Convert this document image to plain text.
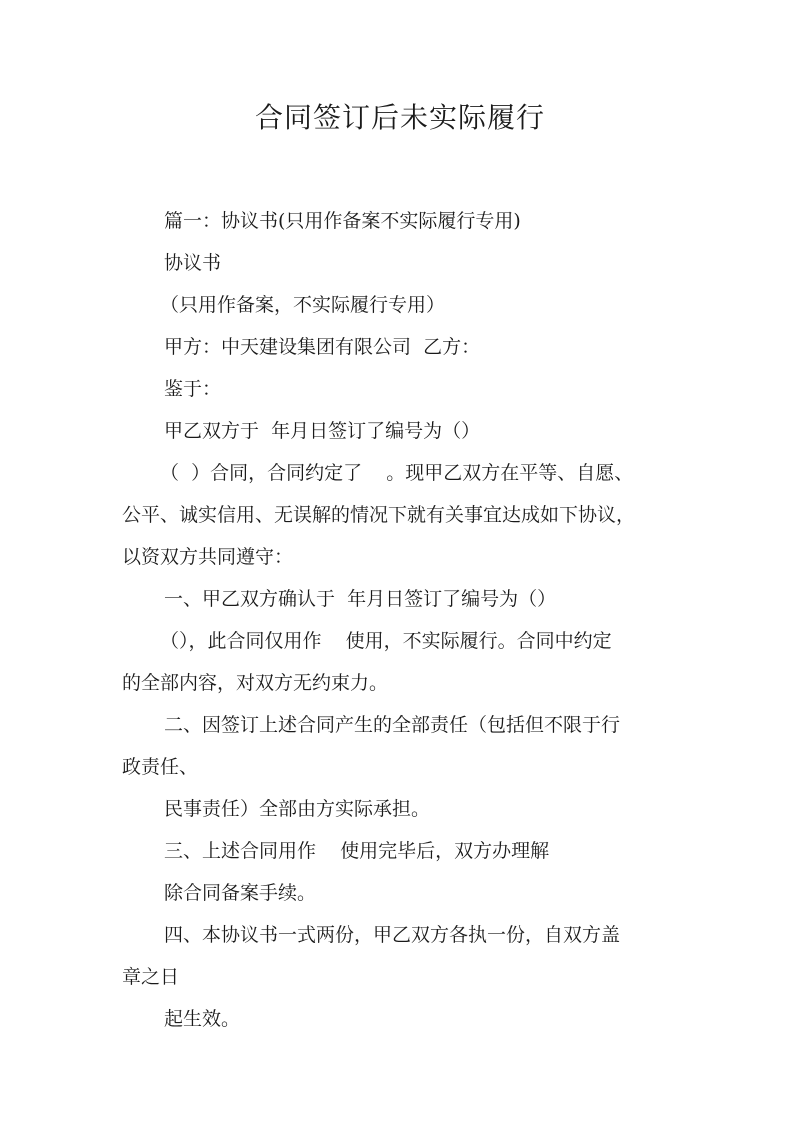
合同签订后未实际履行

篇一：协议书(只用作备案不实际履行专用)

协议书

（只用作备案，不实际履行专用）

甲方：中天建设集团有限公司  乙方：

鉴于：

甲乙双方于  年月日签订了编号为（）

（  ）合同，合同约定了    。现甲乙双方在平等、自愿、

公平、诚实信用、无误解的情况下就有关事宜达成如下协议，

以资双方共同遵守：

一、甲乙双方确认于  年月日签订了编号为（）

（），此合同仅用作    使用，不实际履行。合同中约定

的全部内容，对双方无约束力。

二、因签订上述合同产生的全部责任（包括但不限于行

政责任、

民事责任）全部由方实际承担。

三、上述合同用作    使用完毕后，双方办理解

除合同备案手续。

四、本协议书一式两份，甲乙双方各执一份，自双方盖

章之日

起生效。
